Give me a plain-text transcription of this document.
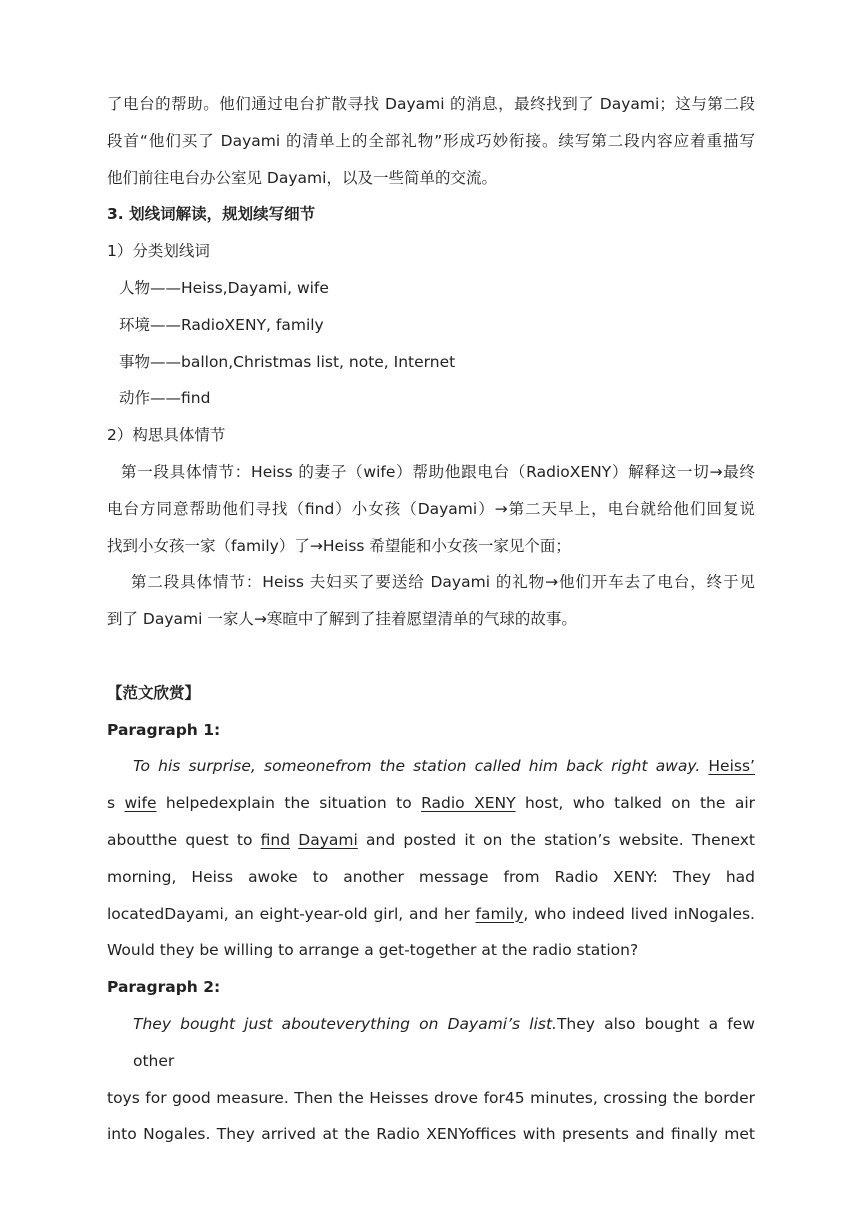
了电台的帮助。他们通过电台扩散寻找 Dayami 的消息，最终找到了 Dayami；这与第二段
段首“他们买了 Dayami 的清单上的全部礼物”形成巧妙衔接。续写第二段内容应着重描写
他们前往电台办公室见 Dayami，以及一些简单的交流。
3. 划线词解读，规划续写细节
1）分类划线词
人物——Heiss,Dayami, wife
环境——RadioXENY, family
事物——ballon,Christmas list, note, Internet
动作——find
2）构思具体情节
第一段具体情节：Heiss 的妻子（wife）帮助他跟电台（RadioXENY）解释这一切→最终
电台方同意帮助他们寻找（find）小女孩（Dayami）→第二天早上，电台就给他们回复说
找到小女孩一家（family）了→Heiss 希望能和小女孩一家见个面；
第二段具体情节：Heiss 夫妇买了要送给 Dayami 的礼物→他们开车去了电台，终于见
到了 Dayami 一家人→寒暄中了解到了挂着愿望清单的气球的故事。
【范文欣赏】
Paragraph 1:
To his surprise, someonefrom the station called him back right away. Heiss’
s wife helpedexplain the situation to Radio XENY host, who talked on the air
aboutthe quest to find Dayami and posted it on the station’s website. Thenext
morning, Heiss awoke to another message from Radio XENY: They had
locatedDayami, an eight-year-old girl, and her family, who indeed lived inNogales.
Would they be willing to arrange a get-together at the radio station?
Paragraph 2:
They bought just abouteverything on Dayami’s list.They also bought a few other
toys for good measure. Then the Heisses drove for45 minutes, crossing the border
into Nogales. They arrived at the Radio XENYoffices with presents and finally met
